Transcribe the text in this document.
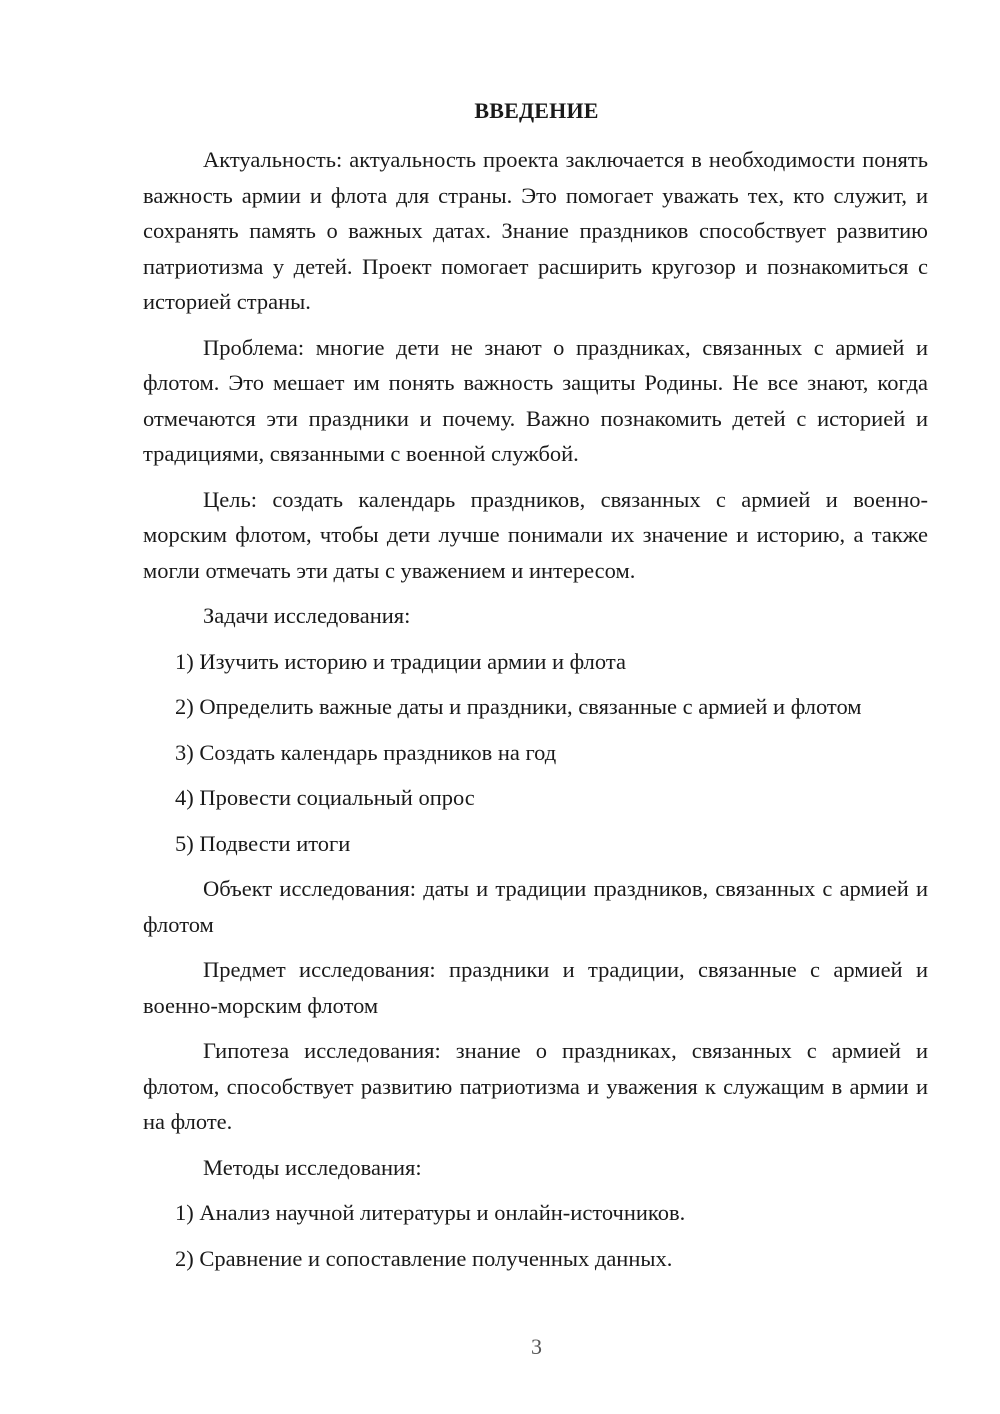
ВВЕДЕНИЕ

Актуальность: актуальность проекта заключается в необходимости понять важность армии и флота для страны. Это помогает уважать тех, кто служит, и сохранять память о важных датах. Знание праздников способствует развитию патриотизма у детей. Проект помогает расширить кругозор и познакомиться с историей страны.

Проблема: многие дети не знают о праздниках, связанных с армией и флотом. Это мешает им понять важность защиты Родины. Не все знают, когда отмечаются эти праздники и почему. Важно познакомить детей с историей и традициями, связанными с военной службой.

Цель: создать календарь праздников, связанных с армией и военно-морским флотом, чтобы дети лучше понимали их значение и историю, а также могли отмечать эти даты с уважением и интересом.

Задачи исследования:

1) Изучить историю и традиции армии и флота

2) Определить важные даты и праздники, связанные с армией и флотом

3) Создать календарь праздников на год

4) Провести социальный опрос

5) Подвести итоги

Объект исследования: даты и традиции праздников, связанных с армией и флотом

Предмет исследования: праздники и традиции, связанные с армией и военно-морским флотом

Гипотеза исследования: знание о праздниках, связанных с армией и флотом, способствует развитию патриотизма и уважения к служащим в армии и на флоте.

Методы исследования:

1) Анализ научной литературы и онлайн-источников.

2) Сравнение и сопоставление полученных данных.

3
